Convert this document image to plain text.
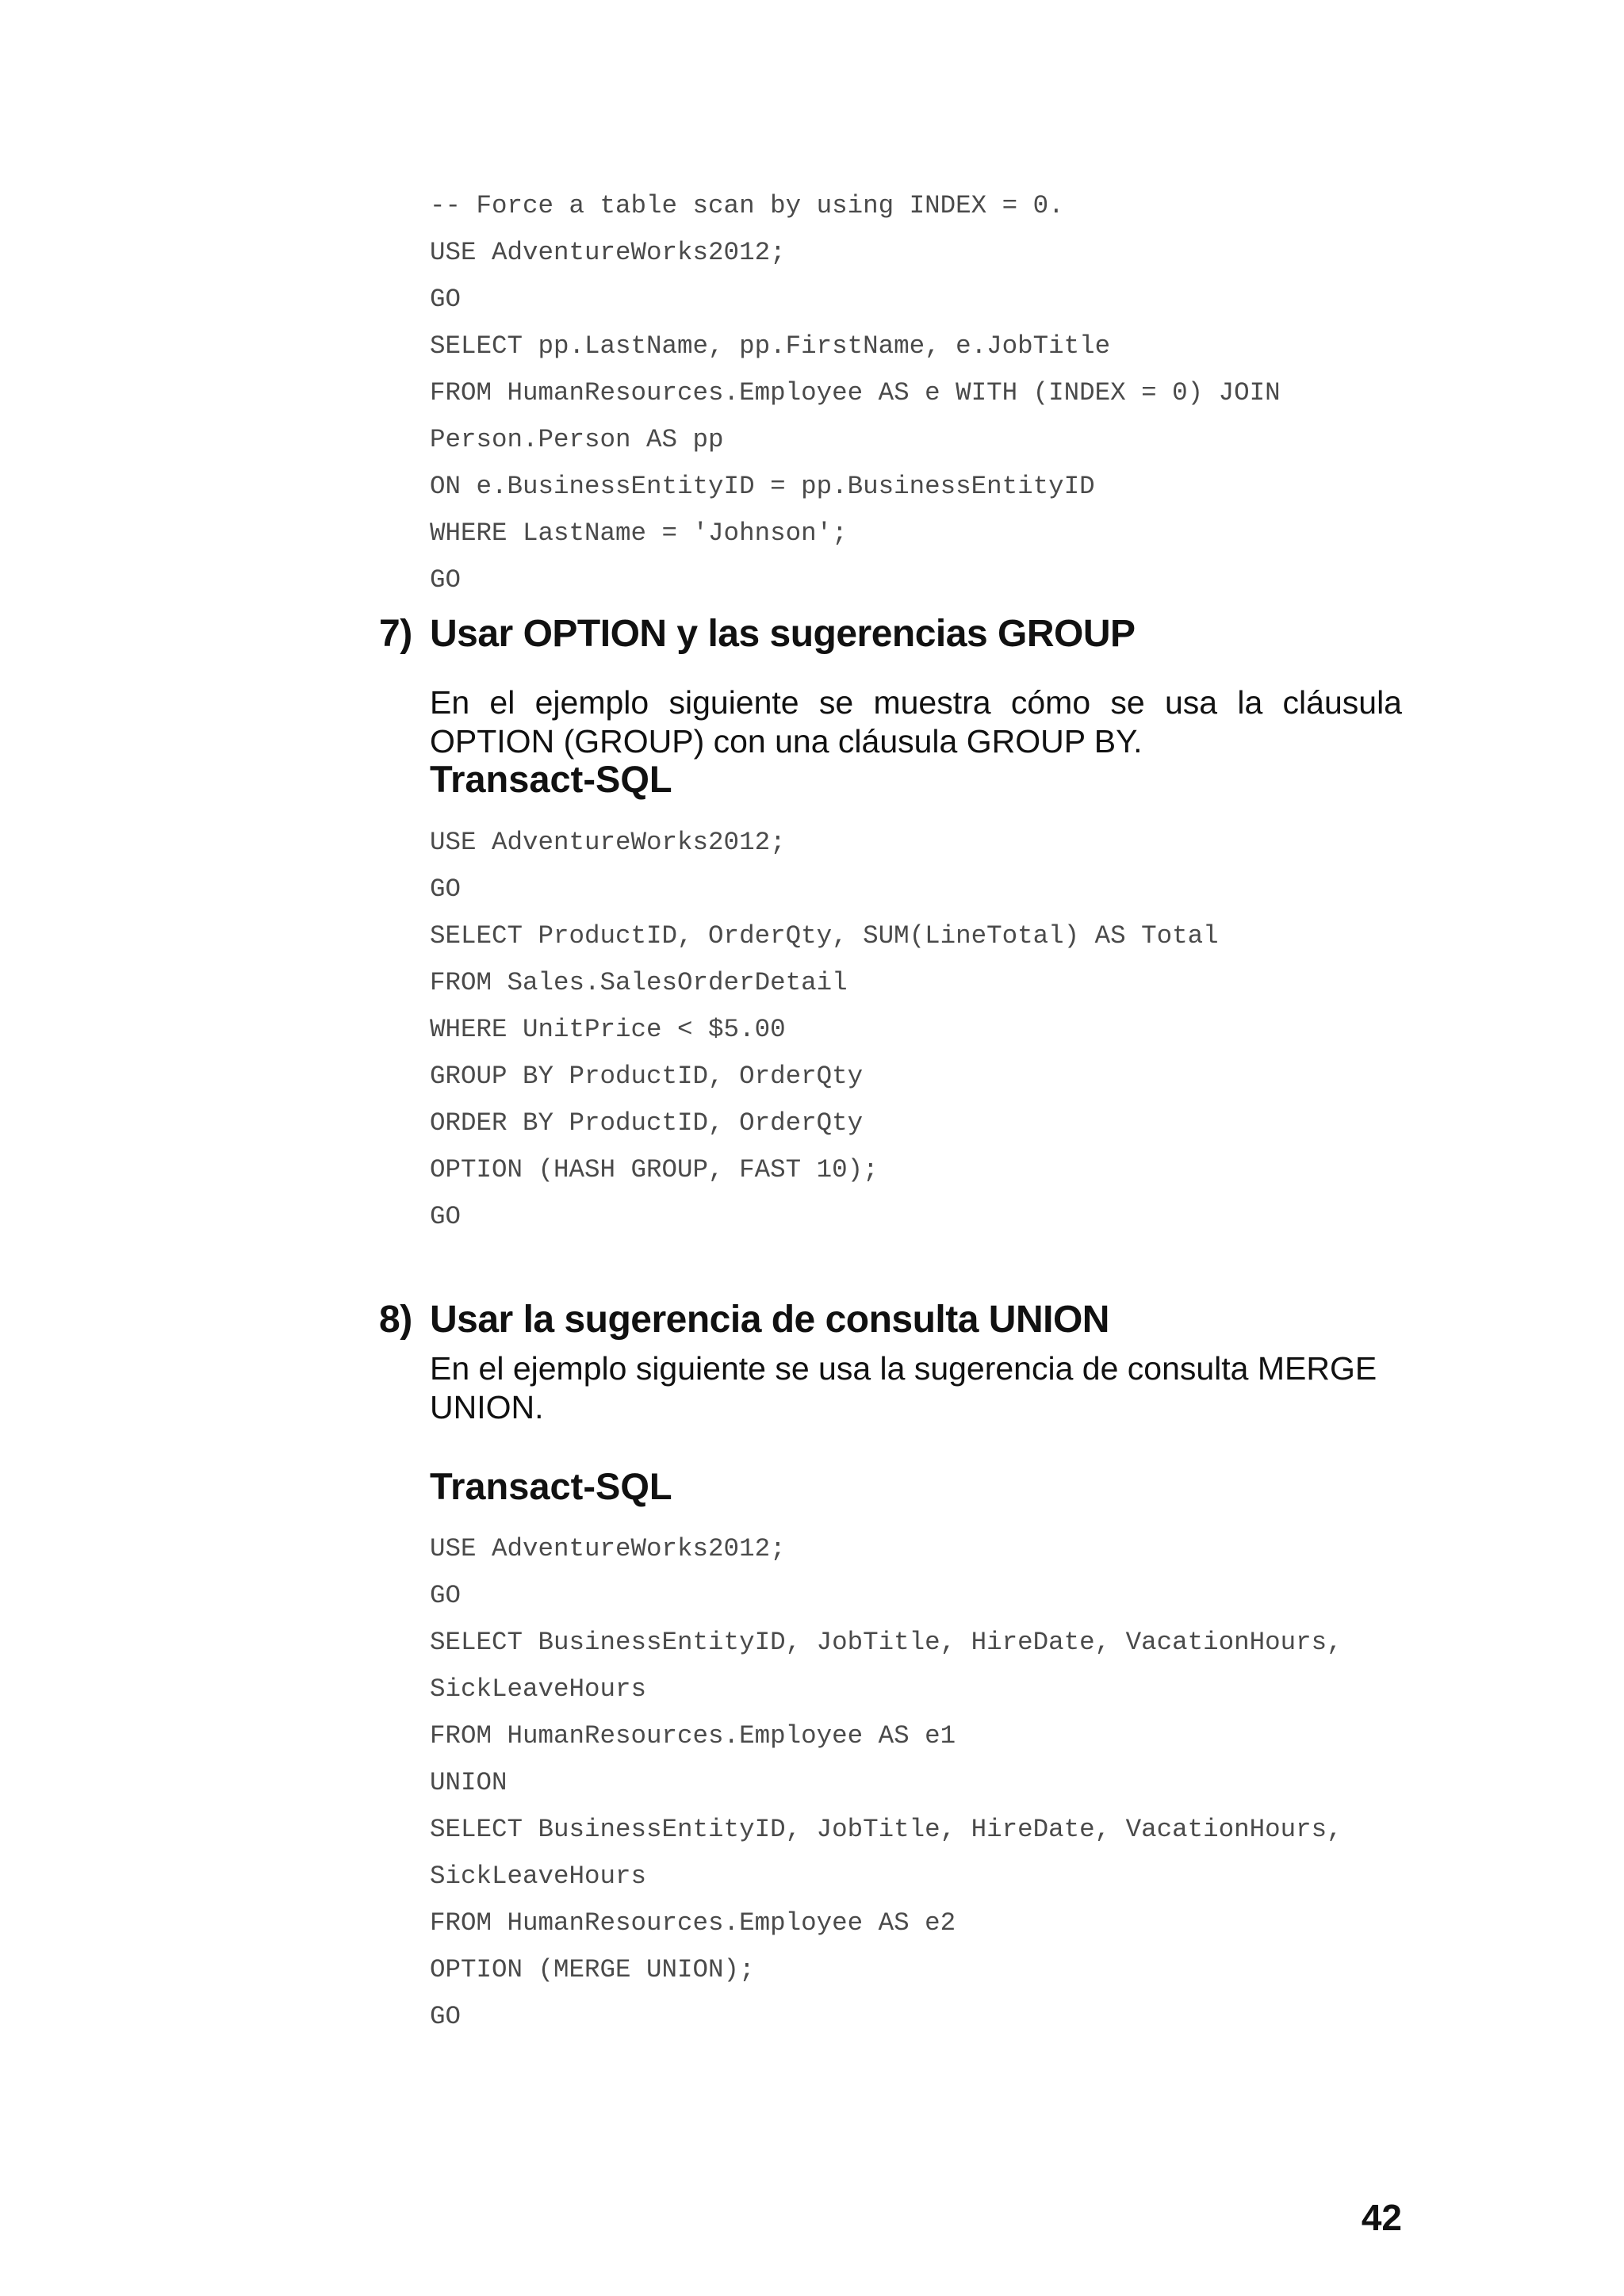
-- Force a table scan by using INDEX = 0.
USE AdventureWorks2012;
GO
SELECT pp.LastName, pp.FirstName, e.JobTitle
FROM HumanResources.Employee AS e WITH (INDEX = 0) JOIN
Person.Person AS pp
ON e.BusinessEntityID = pp.BusinessEntityID
WHERE LastName = 'Johnson';
GO
7) Usar OPTION y las sugerencias GROUP
En el ejemplo siguiente se muestra cómo se usa la cláusula OPTION (GROUP) con una cláusula GROUP BY.
Transact-SQL
USE AdventureWorks2012;
GO
SELECT ProductID, OrderQty, SUM(LineTotal) AS Total
FROM Sales.SalesOrderDetail
WHERE UnitPrice < $5.00
GROUP BY ProductID, OrderQty
ORDER BY ProductID, OrderQty
OPTION (HASH GROUP, FAST 10);
GO
8) Usar la sugerencia de consulta UNION
En el ejemplo siguiente se usa la sugerencia de consulta MERGE UNION.
Transact-SQL
USE AdventureWorks2012;
GO
SELECT BusinessEntityID, JobTitle, HireDate, VacationHours,
SickLeaveHours
FROM HumanResources.Employee AS e1
UNION
SELECT BusinessEntityID, JobTitle, HireDate, VacationHours,
SickLeaveHours
FROM HumanResources.Employee AS e2
OPTION (MERGE UNION);
GO
42
